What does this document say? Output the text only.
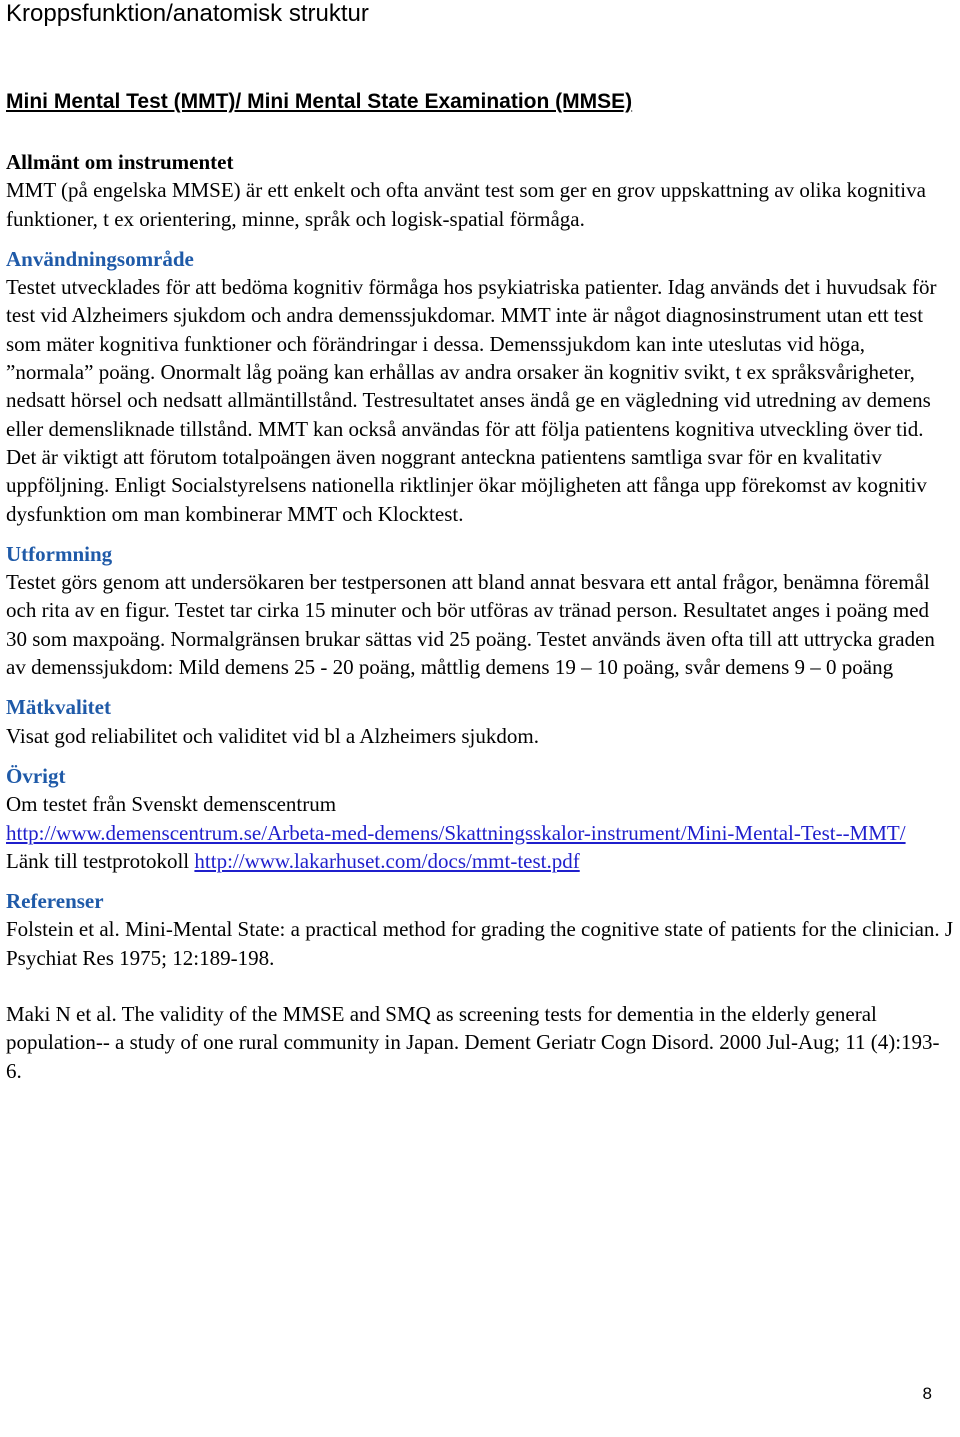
Kroppsfunktion/anatomisk struktur
Mini Mental Test (MMT)/ Mini Mental State Examination (MMSE)

Allmänt om instrumentet

MMT (på engelska MMSE) är ett enkelt och ofta använt test som ger en grov uppskattning av olika kognitiva funktioner, t ex orientering, minne, språk och logisk-spatial förmåga.

Användningsområde

Testet utvecklades för att bedöma kognitiv förmåga hos psykiatriska patienter. Idag används det i huvudsak för test vid Alzheimers sjukdom och andra demenssjukdomar. MMT inte är något diagnosinstrument utan ett test som mäter kognitiva funktioner och förändringar i dessa. Demenssjukdom kan inte uteslutas vid höga, ”normala” poäng. Onormalt låg poäng kan erhållas av andra orsaker än kognitiv svikt, t ex språksvårigheter, nedsatt hörsel och nedsatt allmäntillstånd. Testresultatet anses ändå ge en vägledning vid utredning av demens eller demensliknade tillstånd. MMT kan också användas för att följa patientens kognitiva utveckling över tid. Det är viktigt att förutom totalpoängen även noggrant anteckna patientens samtliga svar för en kvalitativ uppföljning. Enligt Socialstyrelsens nationella riktlinjer ökar möjligheten att fånga upp förekomst av kognitiv dysfunktion om man kombinerar MMT och Klocktest.

Utformning

Testet görs genom att undersökaren ber testpersonen att bland annat besvara ett antal frågor, benämna föremål och rita av en figur. Testet tar cirka 15 minuter och bör utföras av tränad person. Resultatet anges i poäng med 30 som maxpoäng. Normalgränsen brukar sättas vid 25 poäng. Testet används även ofta till att uttrycka graden av demenssjukdom: Mild demens 25 - 20 poäng, måttlig demens 19 – 10 poäng, svår demens 9 – 0 poäng

Mätkvalitet

Visat god reliabilitet och validitet vid bl a Alzheimers sjukdom.

Övrigt

Om testet från Svenskt demenscentrum

http://www.demenscentrum.se/Arbeta-med-demens/Skattningsskalor-instrument/Mini-Mental-Test--MMT/

Länk till testprotokoll http://www.lakarhuset.com/docs/mmt-test.pdf

Referenser

Folstein et al. Mini-Mental State: a practical method for grading the cognitive state of patients for the clinician. J Psychiat Res 1975; 12:189-198.

Maki N et al. The validity of the MMSE and SMQ as screening tests for dementia in the elderly general population-- a study of one rural community in Japan. Dement Geriatr Cogn Disord. 2000 Jul-Aug; 11 (4):193-6.

8
